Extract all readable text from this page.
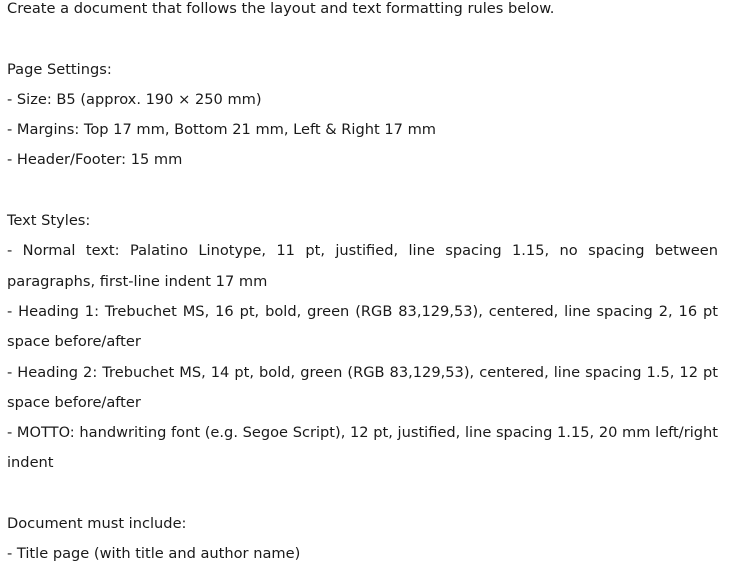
Create a document that follows the layout and text formatting rules below.

Page Settings:

- Size: B5 (approx. 190 × 250 mm)

- Margins: Top 17 mm, Bottom 21 mm, Left & Right 17 mm

- Header/Footer: 15 mm

Text Styles:

- Normal text: Palatino Linotype, 11 pt, justified, line spacing 1.15, no spacing between paragraphs, first-line indent 17 mm

- Heading 1: Trebuchet MS, 16 pt, bold, green (RGB 83,129,53), centered, line spacing 2, 16 pt space before/after

- Heading 2: Trebuchet MS, 14 pt, bold, green (RGB 83,129,53), centered, line spacing 1.5, 12 pt space before/after

- MOTTO: handwriting font (e.g. Segoe Script), 12 pt, justified, line spacing 1.15, 20 mm left/right indent

Document must include:

- Title page (with title and author name)
